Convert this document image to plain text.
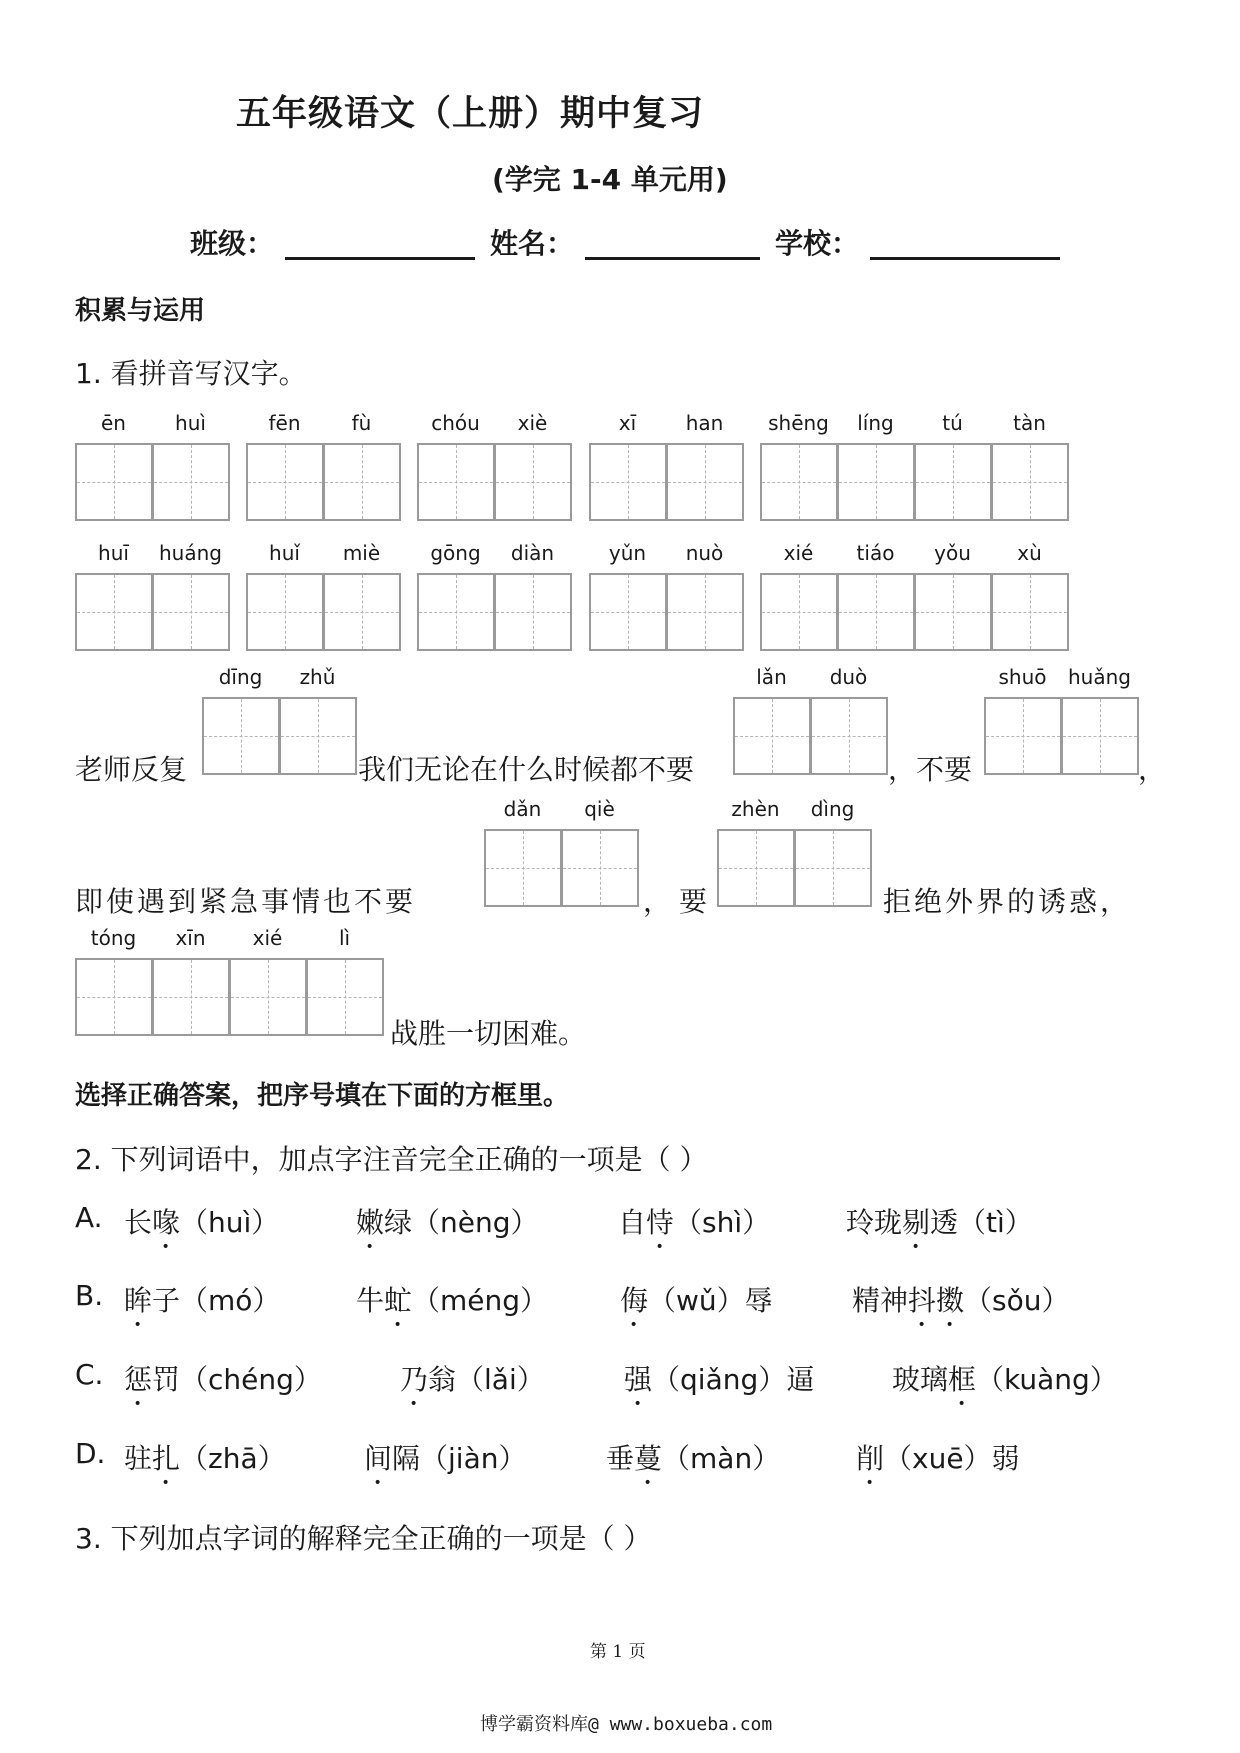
五年级语文（上册）期中复习
(学完 1-4 单元用)
班级：	姓名：	学校：
积累与运用
1. 看拼音写汉字。
ēn	huì	fēn	fù	chóu	xiè	xī	han	shēng	líng	tú	tàn
huī	huáng	huǐ	miè	gōng	diàn	yǔn	nuò	xié	tiáo	yǒu	xù
dīng	zhǔ	lǎn	duò	shuō	huǎng
dǎn	qiè	zhèn	dìng
tóng	xīn	xié	lì
老师反复	我们无论在什么时候都不要	，不要	，
即使遇到紧急事情也不要	，要	拒绝外界的诱惑，
战胜一切困难。
选择正确答案，把序号填在下面的方框里。
2. 下列词语中，加点字注音完全正确的一项是（ ）
A. 长喙（huì）	嫩绿（nèng）	自恃（shì）	玲珑剔透（tì）
B. 眸子（mó）	牛虻（méng）	侮（wǔ）辱	精神抖擞（sǒu）
C. 惩罚（chéng）	乃翁（lǎi）	强（qiǎng）逼	玻璃框（kuàng）
D. 驻扎（zhā）	间隔（jiàn）	垂蔓（màn）	削（xuē）弱
3. 下列加点字词的解释完全正确的一项是（ ）
第 1 页
博学霸资料库@ www.boxueba.com
